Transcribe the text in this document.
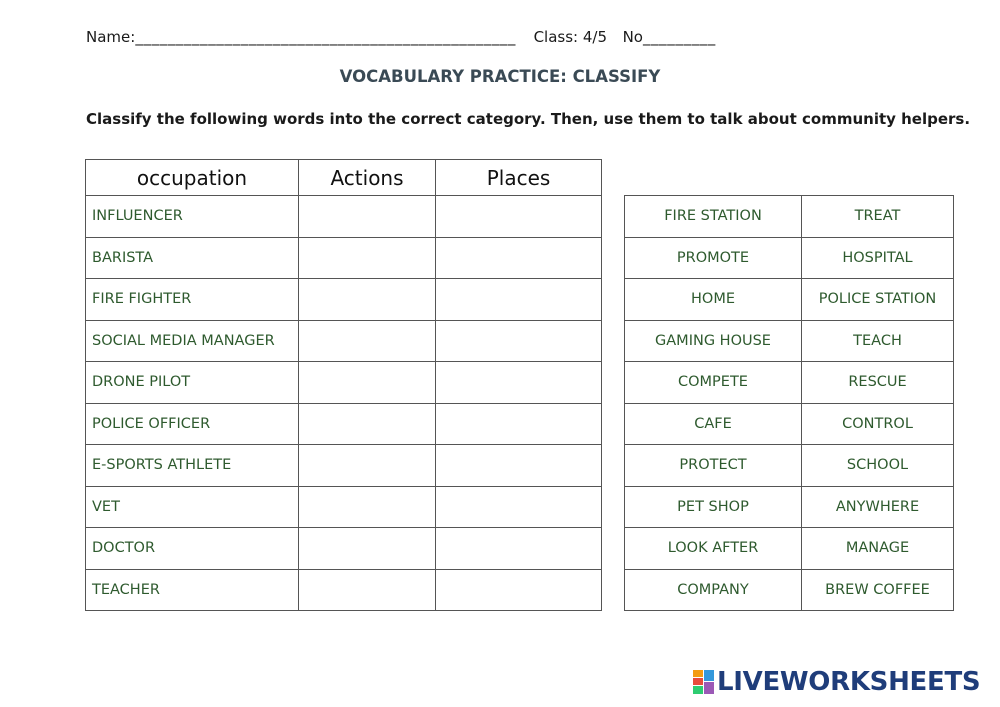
Name:_______________________________________________ Class: 4/5 No_________
VOCABULARY PRACTICE: CLASSIFY
Classify the following words into the correct category. Then, use them to talk about community helpers.
occupation	Actions	Places
INFLUENCER		
BARISTA		
FIRE FIGHTER		
SOCIAL MEDIA MANAGER		
DRONE PILOT		
POLICE OFFICER		
E-SPORTS ATHLETE		
VET		
DOCTOR		
TEACHER		
FIRE STATION	TREAT
PROMOTE	HOSPITAL
HOME	POLICE STATION
GAMING HOUSE	TEACH
COMPETE	RESCUE
CAFE	CONTROL
PROTECT	SCHOOL
PET SHOP	ANYWHERE
LOOK AFTER	MANAGE
COMPANY	BREW COFFEE
LIVEWORKSHEETS
